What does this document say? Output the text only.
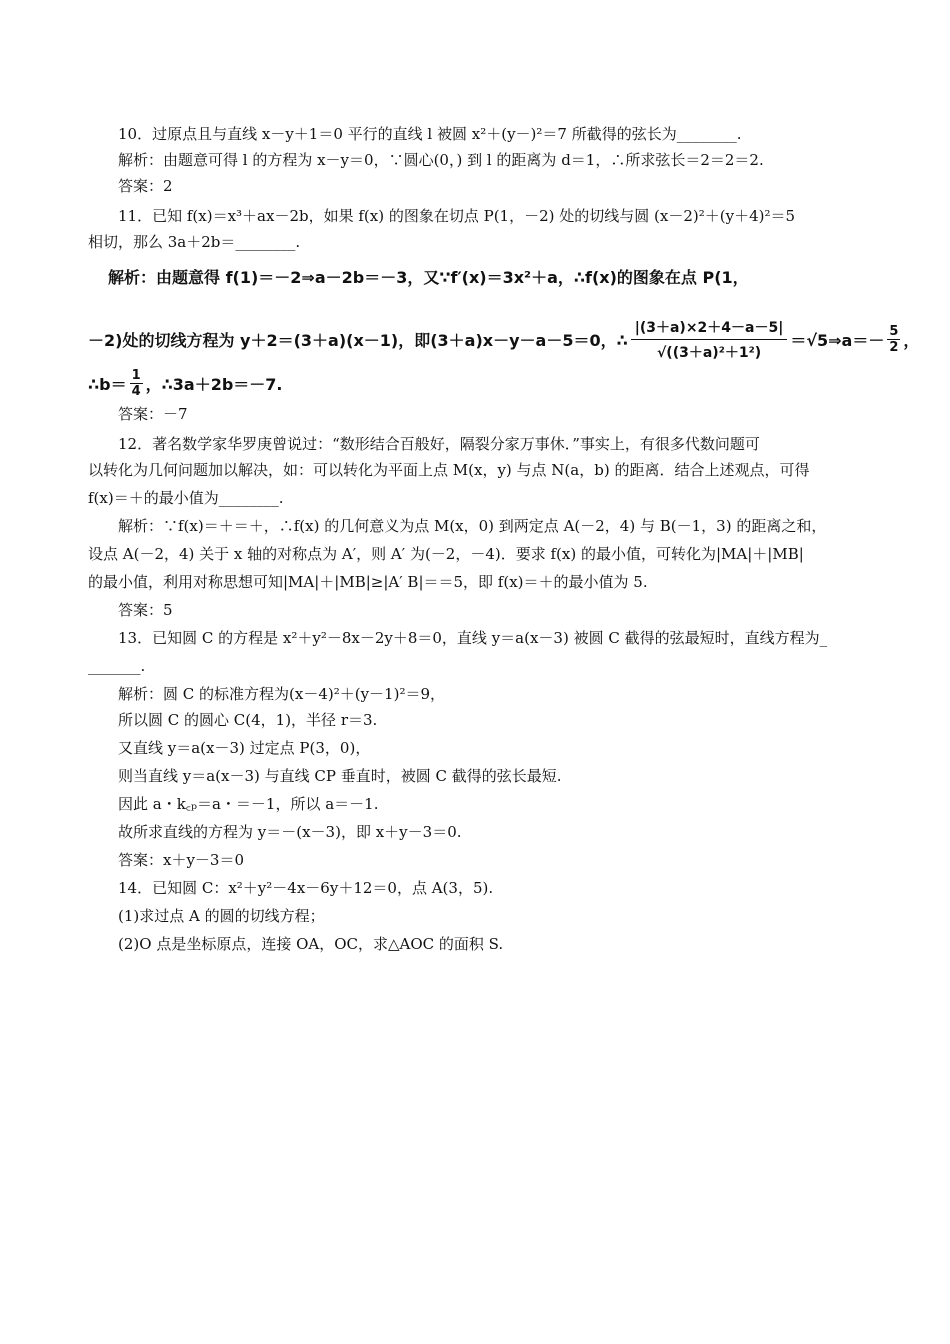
10．过原点且与直线 x－y＋1＝0 平行的直线 l 被圆 x²＋(y－)²＝7 所截得的弦长为________.
解析：由题意可得 l 的方程为 x－y＝0，∵圆心(0，) 到 l 的距离为 d＝1，∴所求弦长＝2＝2＝2.
答案：2
11．已知 f(x)＝x³＋ax－2b，如果 f(x) 的图象在切点 P(1，－2) 处的切线与圆 (x－2)²＋(y＋4)²＝5
相切，那么 3a＋2b＝________.
解析：由题意得 f(1)＝－2⇒a－2b＝－3，又∵f′(x)＝3x²＋a，∴f(x)的图象在点 P(1，
－2)处的切线方程为 y＋2＝(3＋a)(x－1)，即(3＋a)x－y－a－5＝0，∴ $\frac{|(3+a)\times 2+4-a-5|}{\text{√((3＋a)²＋1²)}}$ ＝√5⇒a＝－ $\frac{5}{2}$ ，
∴b＝ $\frac{1}{4}$ ，∴3a＋2b＝－7.
答案：－7
12．著名数学家华罗庚曾说过：“数形结合百般好，隔裂分家万事休．”事实上，有很多代数问题可
以转化为几何问题加以解决，如：可以转化为平面上点 M(x，y) 与点 N(a，b) 的距离．结合上述观点，可得
f(x)＝＋的最小值为________.
解析：∵f(x)＝＋＝＋，∴f(x) 的几何意义为点 M(x，0) 到两定点 A(－2，4) 与 B(－1，3) 的距离之和，
设点 A(－2，4) 关于 x 轴的对称点为 A′，则 A′ 为(－2，－4)．要求 f(x) 的最小值，可转化为|MA|＋|MB|
的最小值，利用对称思想可知|MA|＋|MB|≥|A′ B|＝＝5，即 f(x)＝＋的最小值为 5.
答案：5
13．已知圆 C 的方程是 x²＋y²－8x－2y＋8＝0，直线 y＝a(x－3) 被圆 C 截得的弦最短时，直线方程为_
_______.
解析：圆 C 的标准方程为(x－4)²＋(y－1)²＝9，
所以圆 C 的圆心 C(4，1)，半径 r＝3.
又直线 y＝a(x－3) 过定点 P(3，0)，
则当直线 y＝a(x－3) 与直线 CP 垂直时，被圆 C 截得的弦长最短.
因此 a・k꜀ₚ＝a・＝－1，所以 a＝－1.
故所求直线的方程为 y＝－(x－3)，即 x＋y－3＝0.
答案：x＋y－3＝0
14．已知圆 C：x²＋y²－4x－6y＋12＝0，点 A(3，5).
(1)求过点 A 的圆的切线方程；
(2)O 点是坐标原点，连接 OA，OC，求△AOC 的面积 S.
